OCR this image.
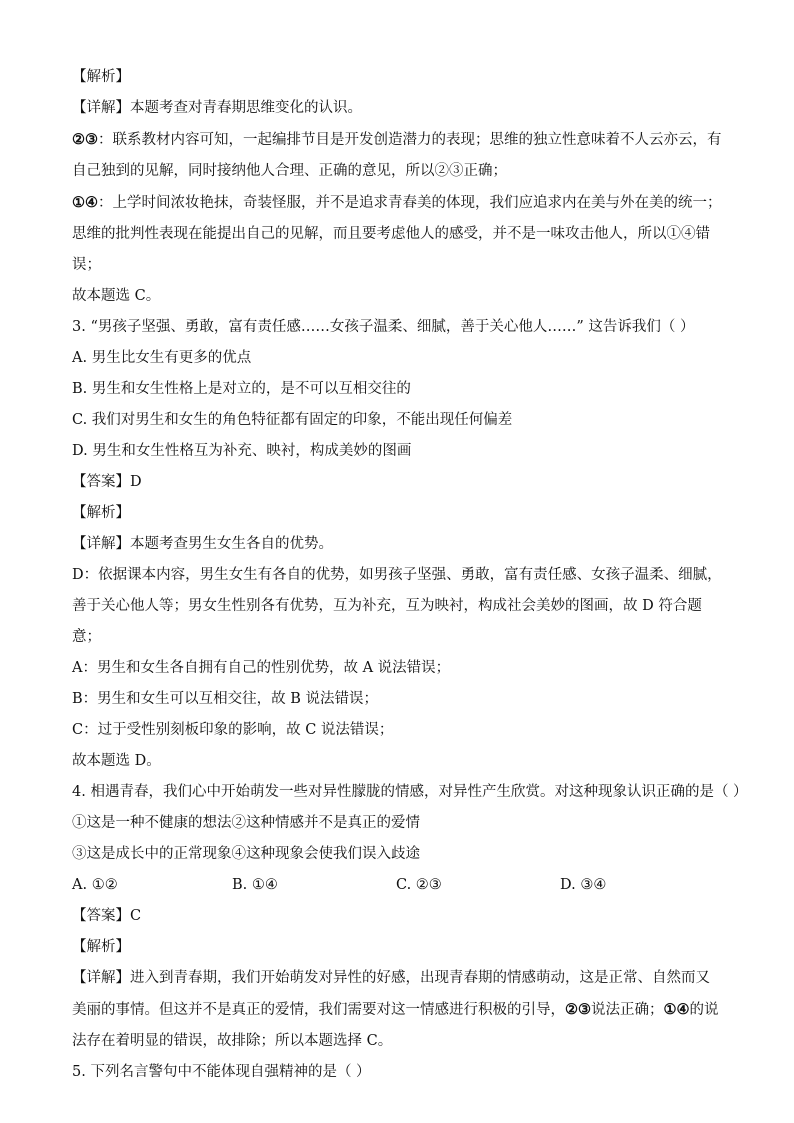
【解析】
【详解】本题考查对青春期思维变化的认识。
②③：联系教材内容可知，一起编排节目是开发创造潜力的表现；思维的独立性意味着不人云亦云，有自己独到的见解，同时接纳他人合理、正确的意见，所以②③正确；
①④：上学时间浓妆艳抹，奇装怪服，并不是追求青春美的体现，我们应追求内在美与外在美的统一；思维的批判性表现在能提出自己的见解，而且要考虑他人的感受，并不是一味攻击他人，所以①④错误；
故本题选 C。
3. “男孩子坚强、勇敢，富有责任感……女孩子温柔、细腻，善于关心他人……” 这告诉我们（ ）
A. 男生比女生有更多的优点
B. 男生和女生性格上是对立的，是不可以互相交往的
C. 我们对男生和女生的角色特征都有固定的印象，不能出现任何偏差
D. 男生和女生性格互为补充、映衬，构成美妙的图画
【答案】D
【解析】
【详解】本题考查男生女生各自的优势。
D：依据课本内容，男生女生有各自的优势，如男孩子坚强、勇敢，富有责任感、女孩子温柔、细腻，善于关心他人等；男女生性别各有优势，互为补充，互为映衬，构成社会美妙的图画，故 D 符合题意；
A：男生和女生各自拥有自己的性别优势，故 A 说法错误；
B：男生和女生可以互相交往，故 B 说法错误；
C：过于受性别刻板印象的影响，故 C 说法错误；
故本题选 D。
4. 相遇青春，我们心中开始萌发一些对异性朦胧的情感，对异性产生欣赏。对这种现象认识正确的是（ ）
①这是一种不健康的想法②这种情感并不是真正的爱情
③这是成长中的正常现象④这种现象会使我们误入歧途
A. ①②	B. ①④	C. ②③	D. ③④
【答案】C
【解析】
【详解】进入到青春期，我们开始萌发对异性的好感，出现青春期的情感萌动，这是正常、自然而又美丽的事情。但这并不是真正的爱情，我们需要对这一情感进行积极的引导，②③说法正确；①④的说法存在着明显的错误，故排除；所以本题选择 C。
5. 下列名言警句中不能体现自强精神的是（ ）
